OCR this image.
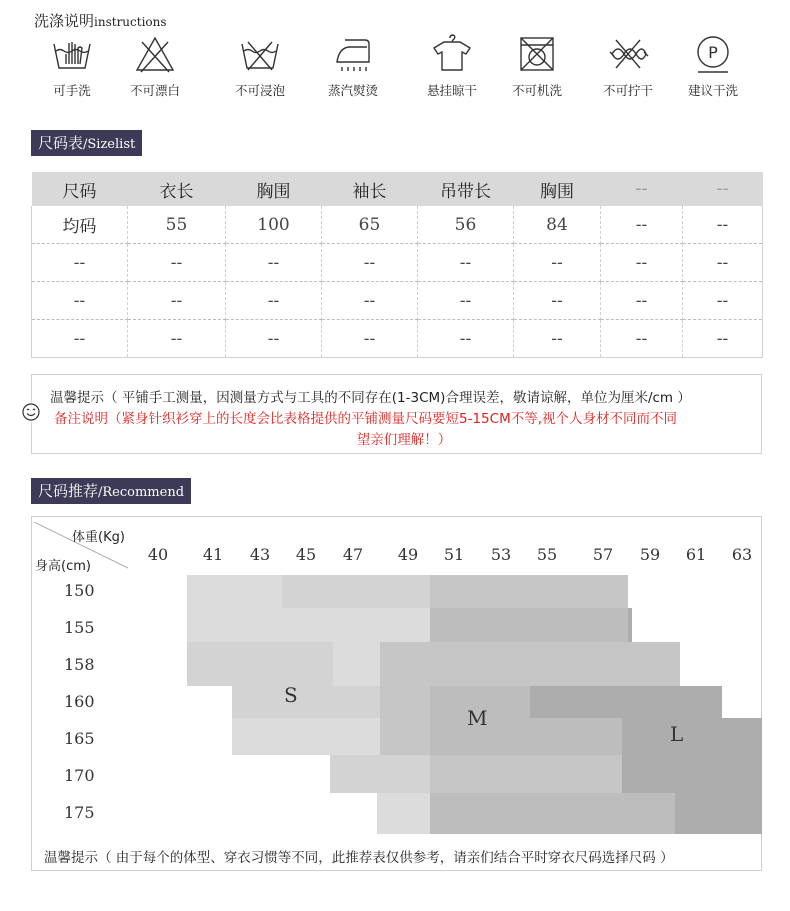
洗涤说明instructions
可手洗	不可漂白	不可浸泡	蒸汽熨烫	悬挂晾干	不可机洗	不可拧干
P
建议干洗
尺码表/Sizelist
尺码	衣长	胸围	袖长	吊带长	胸围	--	--
均码	55	100	65	56	84	--	--
--	--	--	--	--	--	--	--
--	--	--	--	--	--	--	--
--	--	--	--	--	--	--	--
温馨提示（ 平铺手工测量，因测量方式与工具的不同存在(1-3CM)合理误差，敬请谅解，单位为厘米/cm ）
备注说明（紧身针织衫穿上的长度会比表格提供的平铺测量尺码要短5-15CM不等,视个人身材不同而不同
望亲们理解！）
尺码推荐/Recommend
体重(Kg)
身高(cm)
40 41 43 45 47 49 51 53 55 57 59 61 63
150
155
158
160
165
170
175
S
M
L
温馨提示（ 由于每个的体型、穿衣习惯等不同，此推荐表仅供参考，请亲们结合平时穿衣尺码选择尺码 ）
